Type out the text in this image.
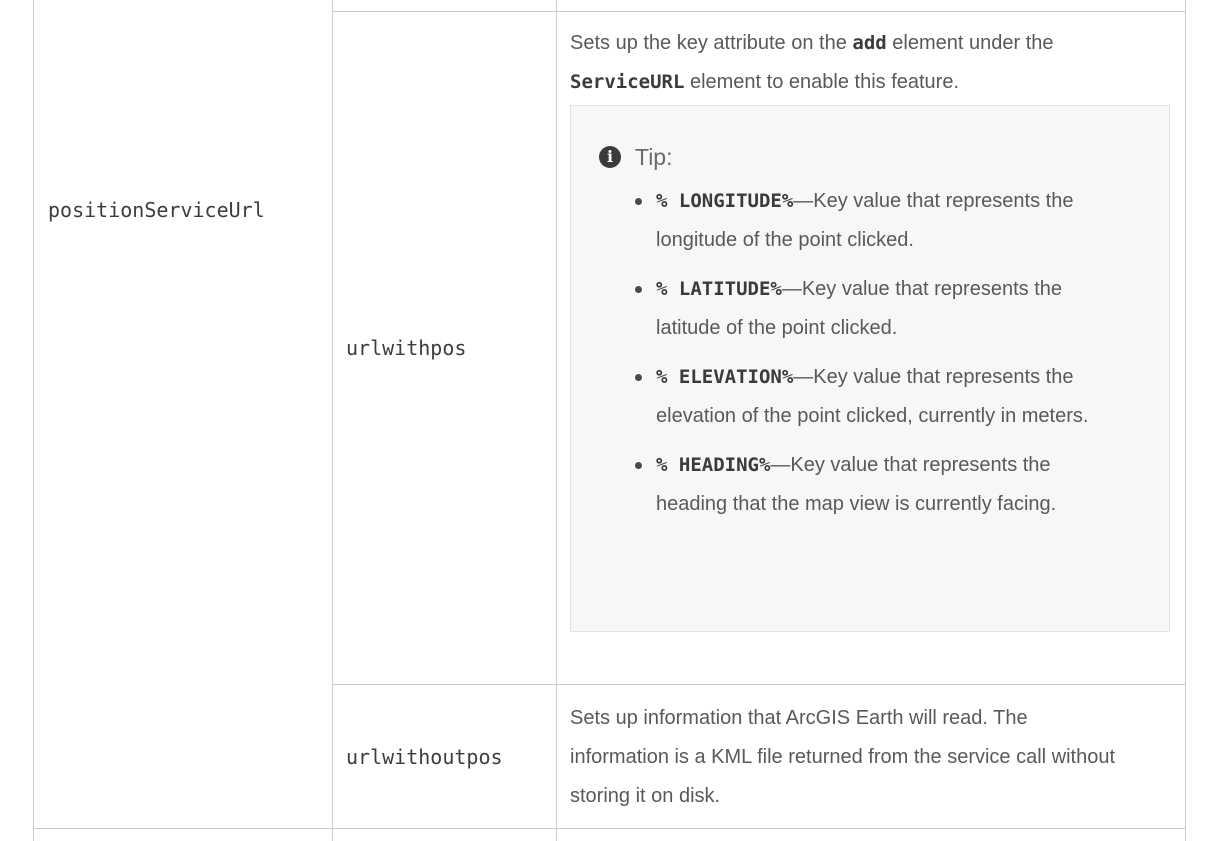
positionServiceUrl
urlwithpos

Sets up the key attribute on the add element under the ServiceURL element to enable this feature.

i Tip:
% LONGITUDE%—Key value that represents the longitude of the point clicked.
% LATITUDE%—Key value that represents the latitude of the point clicked.
% ELEVATION%—Key value that represents the elevation of the point clicked, currently in meters.
% HEADING%—Key value that represents the heading that the map view is currently facing.
urlwithoutpos

Sets up information that ArcGIS Earth will read. The information is a KML file returned from the service call without storing it on disk.
